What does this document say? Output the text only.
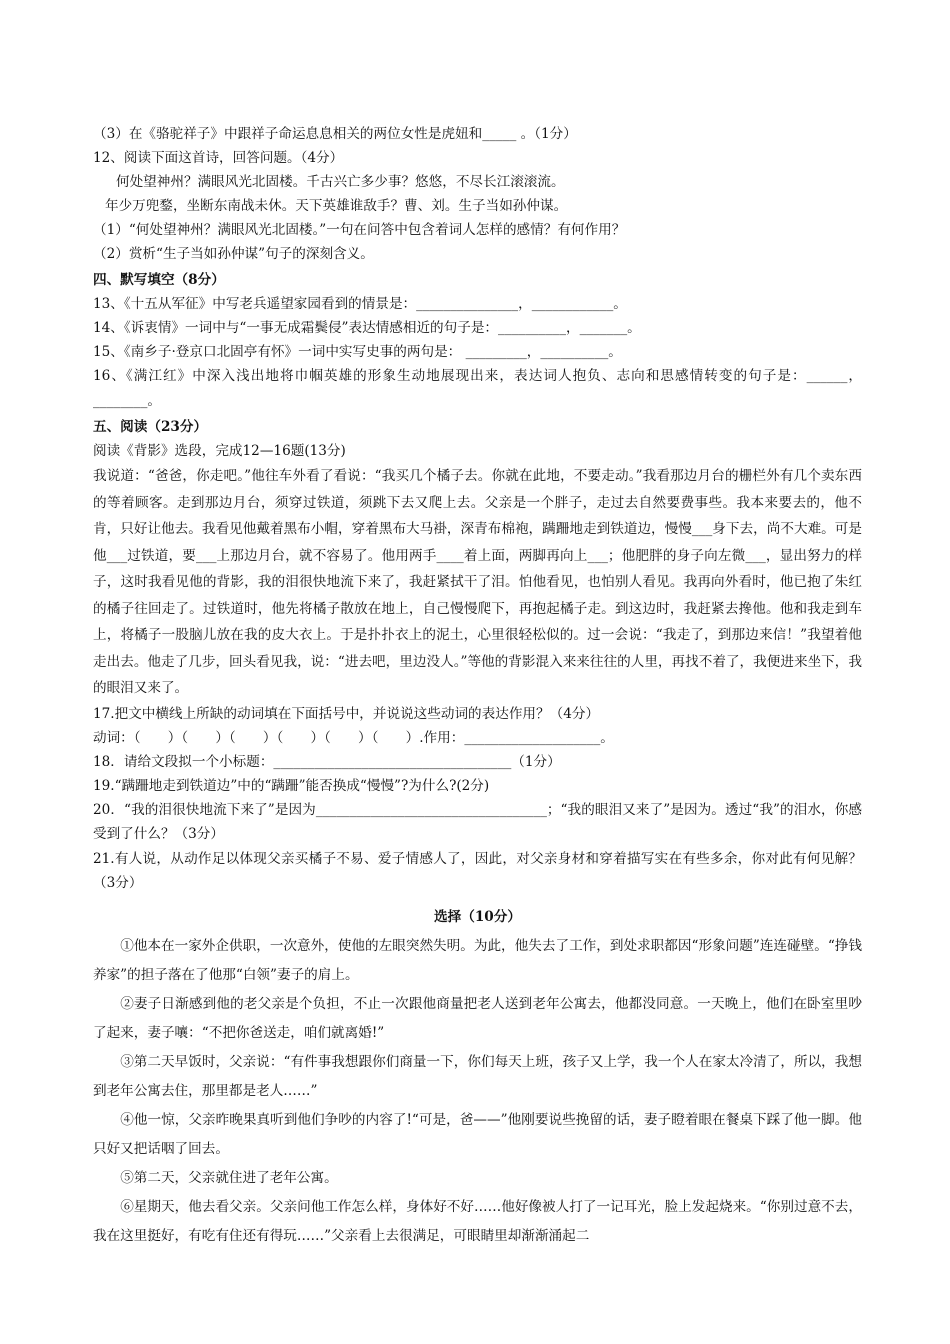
（3）在《骆驼祥子》中跟祥子命运息息相关的两位女性是虎妞和_____ 。（1分）
12、阅读下面这首诗，回答问题。（4分）
何处望神州？满眼风光北固楼。千古兴亡多少事？悠悠，不尽长江滚滚流。
年少万兜鍪，坐断东南战未休。天下英雄谁敌手？曹、刘。生子当如孙仲谋。
（1）“何处望神州？满眼风光北固楼。”一句在问答中包含着词人怎样的感情？有何作用？
（2）赏析“生子当如孙仲谋”句子的深刻含义。
四、默写填空（8分）
13、《十五从军征》中写老兵遥望家园看到的情景是：_______________，____________。
14、《诉衷情》一词中与“一事无成霜鬓侵”表达情感相近的句子是：__________，_______。
15、《南乡子·登京口北固亭有怀》一词中实写史事的两句是： _________，__________。
16、《满江红》中深入浅出地将巾帼英雄的形象生动地展现出来，表达词人抱负、志向和思感情转变的句子是：______，________。
五、阅读（23分）
阅读《背影》选段，完成12—16题(13分)
我说道：“爸爸，你走吧。”他往车外看了看说：“我买几个橘子去。你就在此地，不要走动。”我看那边月台的栅栏外有几个卖东西的等着顾客。走到那边月台，须穿过铁道，须跳下去又爬上去。父亲是一个胖子，走过去自然要费事些。我本来要去的，他不肯，只好让他去。我看见他戴着黑布小帽，穿着黑布大马褂，深青布棉袍，蹒跚地走到铁道边，慢慢___身下去，尚不大难。可是他___过铁道，要___上那边月台，就不容易了。他用两手____着上面，两脚再向上___；他肥胖的身子向左微___，显出努力的样子，这时我看见他的背影，我的泪很快地流下来了，我赶紧拭干了泪。怕他看见，也怕别人看见。我再向外看时，他已抱了朱红的橘子往回走了。过铁道时，他先将橘子散放在地上，自己慢慢爬下，再抱起橘子走。到这边时，我赶紧去搀他。他和我走到车上，将橘子一股脑儿放在我的皮大衣上。于是扑扑衣上的泥土，心里很轻松似的。过一会说：“我走了，到那边来信！”我望着他走出去。他走了几步，回头看见我，说：“进去吧，里边没人。”等他的背影混入来来往往的人里，再找不着了，我便进来坐下，我的眼泪又来了。
17.把文中横线上所缺的动词填在下面括号中，并说说这些动词的表达作用？（4分）
动词：（　　）（　　）（　　）（　　）（　　）（　　）.作用：____________________。
18．请给文段拟一个小标题：___________________________________（1分）
19.“蹒跚地走到铁道边”中的“蹒跚”能否换成“慢慢”?为什么?(2分)
20．“我的泪很快地流下来了”是因为__________________________________；“我的眼泪又来了”是因为。透过“我”的泪水，你感受到了什么？（3分）
21.有人说，从动作足以体现父亲买橘子不易、爱子情感人了，因此，对父亲身材和穿着描写实在有些多余，你对此有何见解？（3分）
选择（10分）
①他本在一家外企供职，一次意外，使他的左眼突然失明。为此，他失去了工作，到处求职都因“形象问题”连连碰壁。“挣钱养家”的担子落在了他那“白领”妻子的肩上。
②妻子日渐感到他的老父亲是个负担，不止一次跟他商量把老人送到老年公寓去，他都没同意。一天晚上，他们在卧室里吵了起来，妻子嚷：“不把你爸送走，咱们就离婚!”
③第二天早饭时，父亲说：“有件事我想跟你们商量一下，你们每天上班，孩子又上学，我一个人在家太冷清了，所以，我想到老年公寓去住，那里都是老人……”
④他一惊，父亲昨晚果真听到他们争吵的内容了!“可是，爸——”他刚要说些挽留的话，妻子瞪着眼在餐桌下踩了他一脚。他只好又把话咽了回去。
⑤第二天，父亲就住进了老年公寓。
⑥星期天，他去看父亲。父亲问他工作怎么样，身体好不好……他好像被人打了一记耳光，脸上发起烧来。“你别过意不去，我在这里挺好，有吃有住还有得玩……”父亲看上去很满足，可眼睛里却渐渐涌起二
